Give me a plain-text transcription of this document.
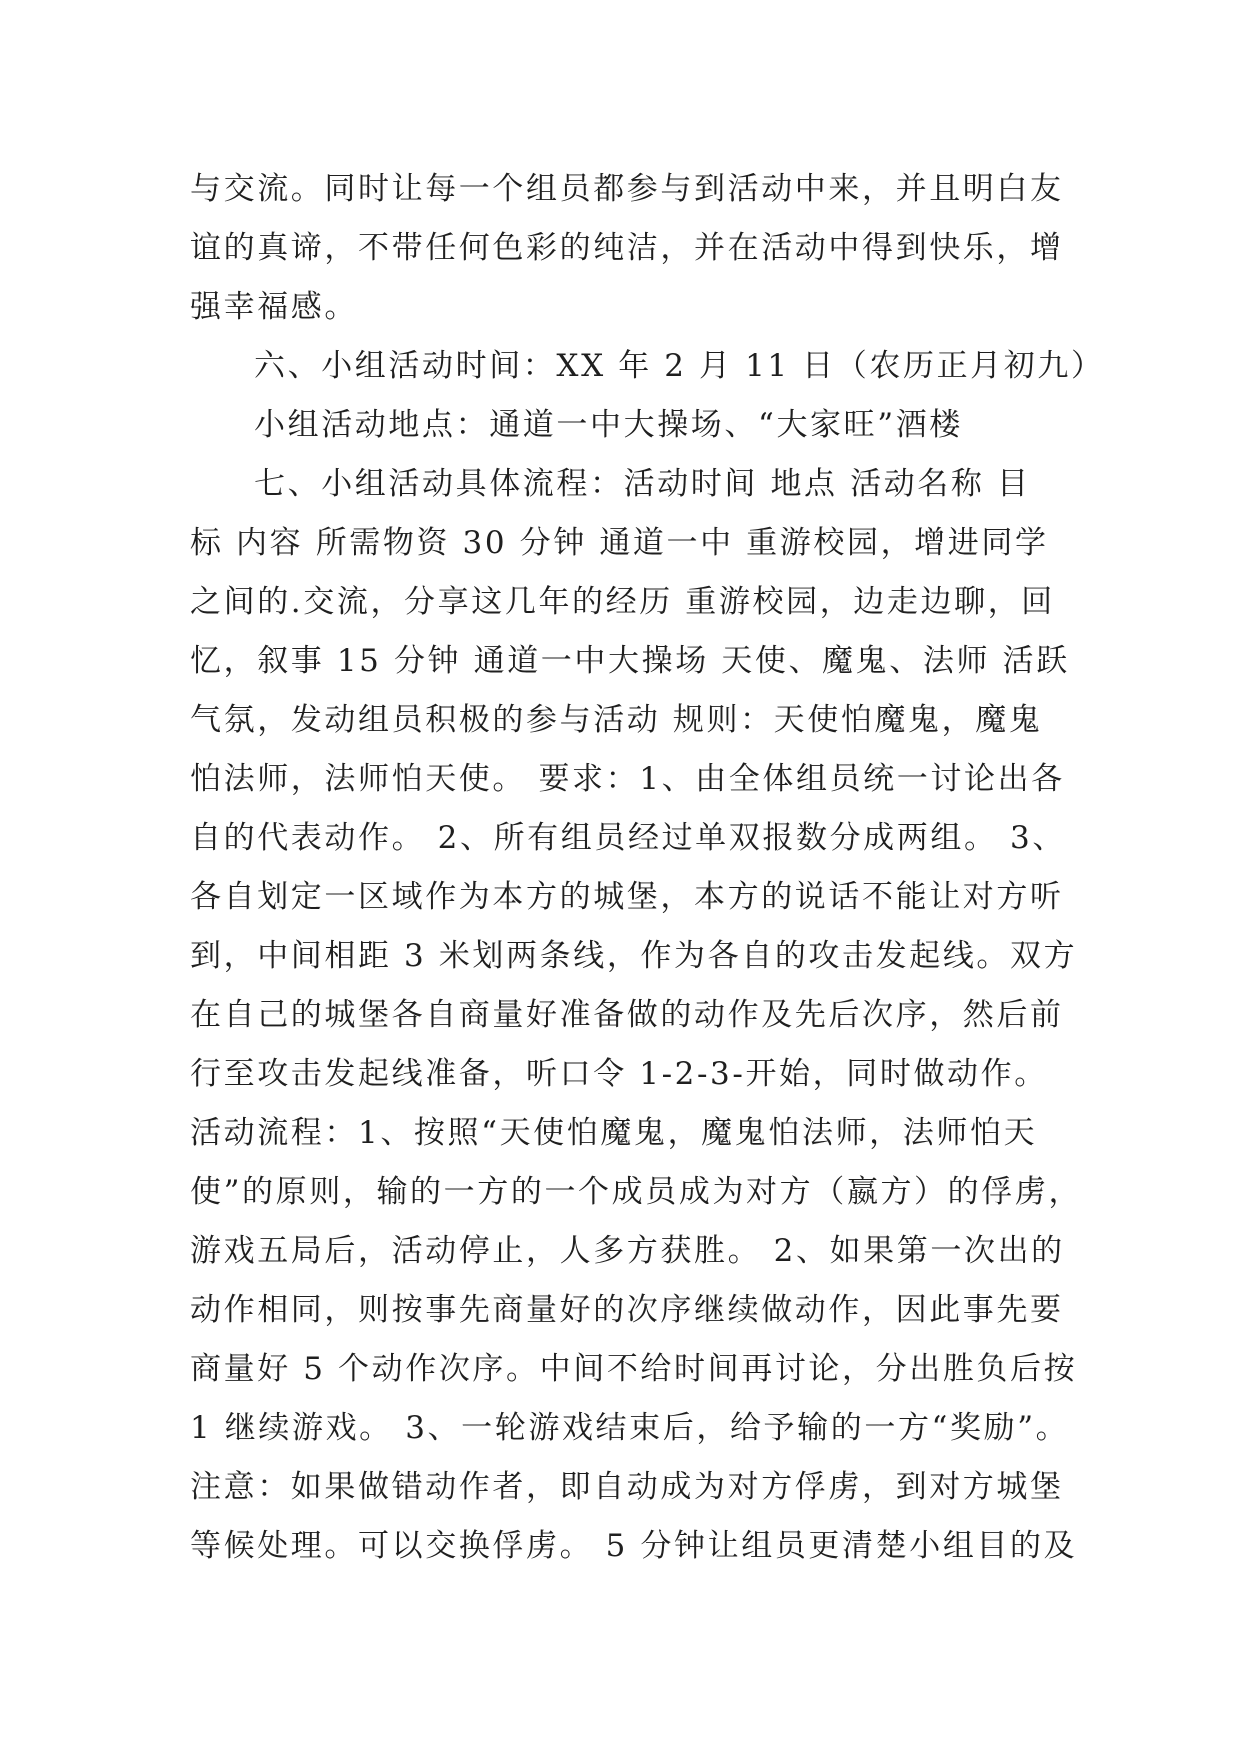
与交流。同时让每一个组员都参与到活动中来，并且明白友
谊的真谛，不带任何色彩的纯洁，并在活动中得到快乐，增
强幸福感。
六、小组活动时间：XX 年 2 月 11 日（农历正月初九）
小组活动地点：通道一中大操场、“大家旺”酒楼
七、小组活动具体流程：活动时间 地点 活动名称 目
标 内容 所需物资 30 分钟 通道一中 重游校园，增进同学
之间的.交流，分享这几年的经历 重游校园，边走边聊，回
忆，叙事 15 分钟 通道一中大操场 天使、魔鬼、法师 活跃
气氛，发动组员积极的参与活动 规则：天使怕魔鬼，魔鬼
怕法师，法师怕天使。 要求：1、由全体组员统一讨论出各
自的代表动作。 2、所有组员经过单双报数分成两组。 3、
各自划定一区域作为本方的城堡，本方的说话不能让对方听
到，中间相距 3 米划两条线，作为各自的攻击发起线。双方
在自己的城堡各自商量好准备做的动作及先后次序，然后前
行至攻击发起线准备，听口令 1-2-3-开始，同时做动作。
活动流程：1、按照“天使怕魔鬼，魔鬼怕法师，法师怕天
使”的原则，输的一方的一个成员成为对方（嬴方）的俘虏，
游戏五局后，活动停止，人多方获胜。 2、如果第一次出的
动作相同，则按事先商量好的次序继续做动作，因此事先要
商量好 5 个动作次序。中间不给时间再讨论，分出胜负后按
1 继续游戏。 3、一轮游戏结束后，给予输的一方“奖励”。
注意：如果做错动作者，即自动成为对方俘虏，到对方城堡
等候处理。可以交换俘虏。 5 分钟让组员更清楚小组目的及
